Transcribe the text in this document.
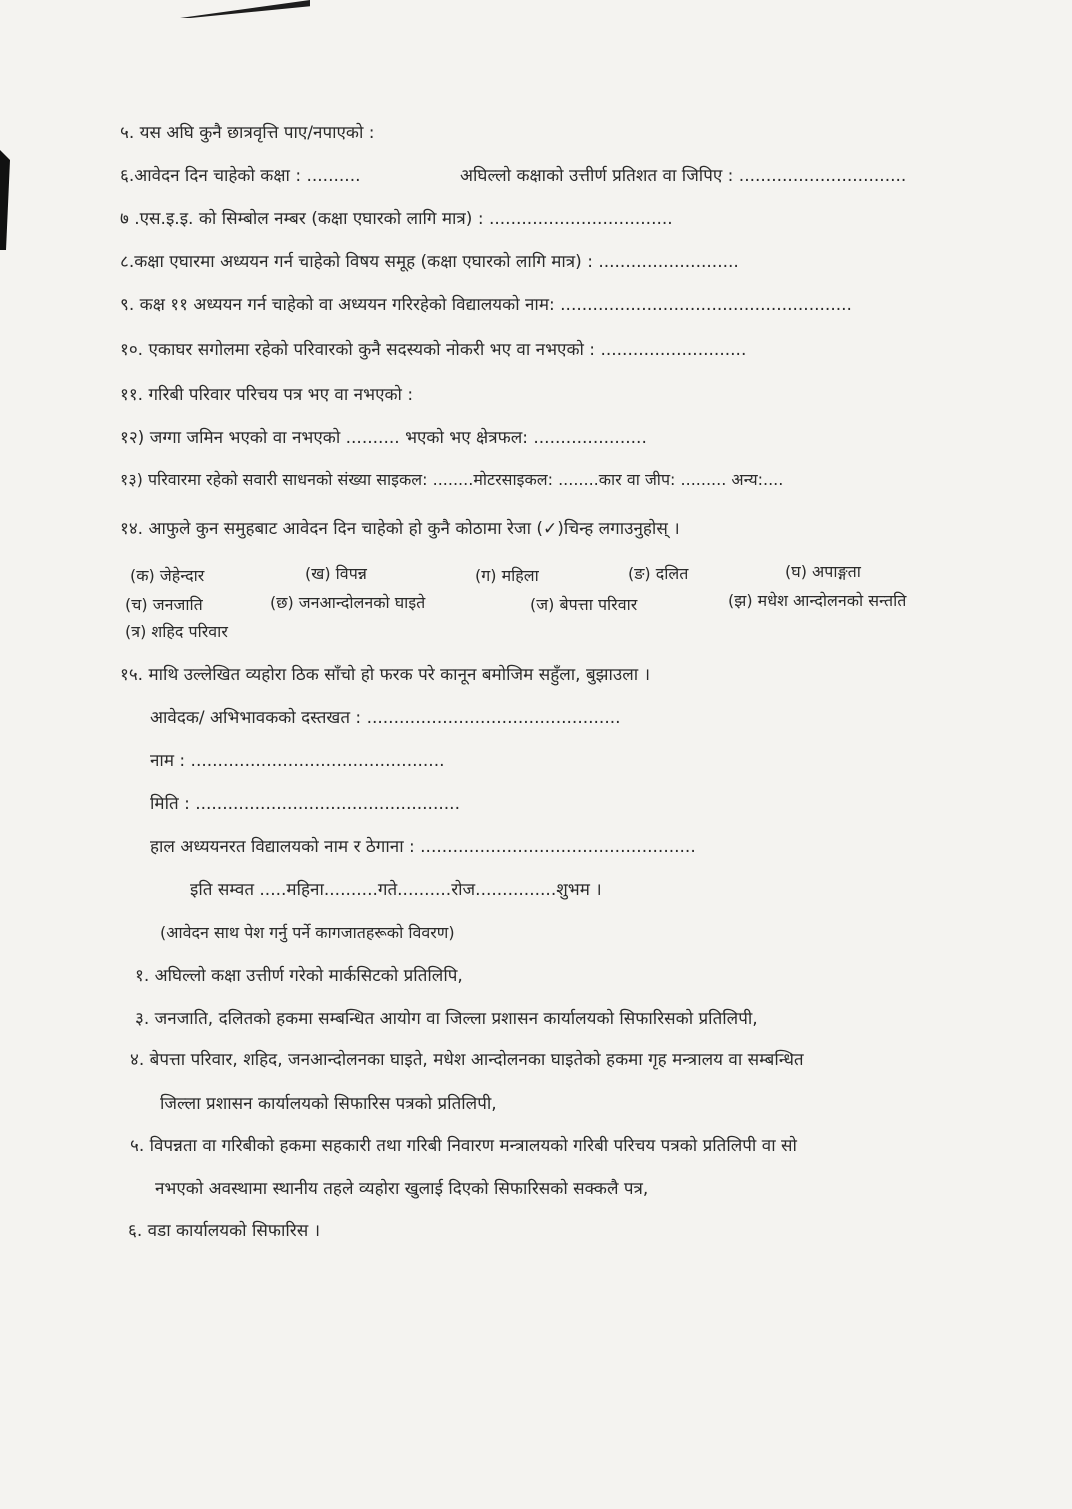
५. यस अघि कुनै छात्रवृत्ति पाए/नपाएको :
६.आवेदन दिन चाहेको कक्षा : ..........	अघिल्लो कक्षाको उत्तीर्ण प्रतिशत वा जिपिए : ...............................
७ .एस.इ.इ. को सिम्बोल नम्बर (कक्षा एघारको लागि मात्र) : ..................................
८.कक्षा एघारमा अध्ययन गर्न चाहेको विषय समूह (कक्षा एघारको लागि मात्र) : ..........................
९. कक्ष ११ अध्ययन गर्न चाहेको वा अध्ययन गरिरहेको विद्यालयको नाम: ......................................................
१०. एकाघर सगोलमा रहेको परिवारको कुनै सदस्यको नोकरी भए वा नभएको : ...........................
११. गरिबी परिवार परिचय पत्र भए वा नभएको :
१२) जग्गा जमिन भएको वा नभएको .......... भएको भए क्षेत्रफल: .....................
१३) परिवारमा रहेको सवारी साधनको संख्या साइकल: ........मोटरसाइकल: ........कार वा जीप: ......... अन्य:....
१४. आफुले कुन समुहबाट आवेदन दिन चाहेको हो कुनै कोठामा रेजा (✓)चिन्ह लगाउनुहोस् ।
(क) जेहेन्दार	(ख) विपन्न	(ग) महिला	(ङ) दलित	(घ) अपाङ्गता
(च) जनजाति	(छ) जनआन्दोलनको घाइते	(ज) बेपत्ता परिवार	(झ) मधेश आन्दोलनको सन्तति
(त्र) शहिद परिवार
१५. माथि उल्लेखित व्यहोरा ठिक साँचो हो फरक परे कानून बमोजिम सहुँला, बुझाउला ।
आवेदक/ अभिभावकको दस्तखत : ...............................................
नाम : ...............................................
मिति : .................................................
हाल अध्ययनरत विद्यालयको नाम र ठेगाना : ...................................................
इति सम्वत .....महिना..........गते..........रोज...............शुभम ।
(आवेदन साथ पेश गर्नु पर्ने कागजातहरूको विवरण)
१. अघिल्लो कक्षा उत्तीर्ण गरेको मार्कसिटको प्रतिलिपि,
३. जनजाति, दलितको हकमा सम्बन्धित आयोग वा जिल्ला प्रशासन कार्यालयको सिफारिसको प्रतिलिपी,
४. बेपत्ता परिवार, शहिद, जनआन्दोलनका घाइते, मधेश आन्दोलनका घाइतेको हकमा गृह मन्त्रालय वा सम्बन्धित
जिल्ला प्रशासन कार्यालयको सिफारिस पत्रको प्रतिलिपी,
५. विपन्नता वा गरिबीको हकमा सहकारी तथा गरिबी निवारण मन्त्रालयको गरिबी परिचय पत्रको प्रतिलिपी वा सो
नभएको अवस्थामा स्थानीय तहले व्यहोरा खुलाई दिएको सिफारिसको सक्कलै पत्र,
६. वडा कार्यालयको सिफारिस ।
